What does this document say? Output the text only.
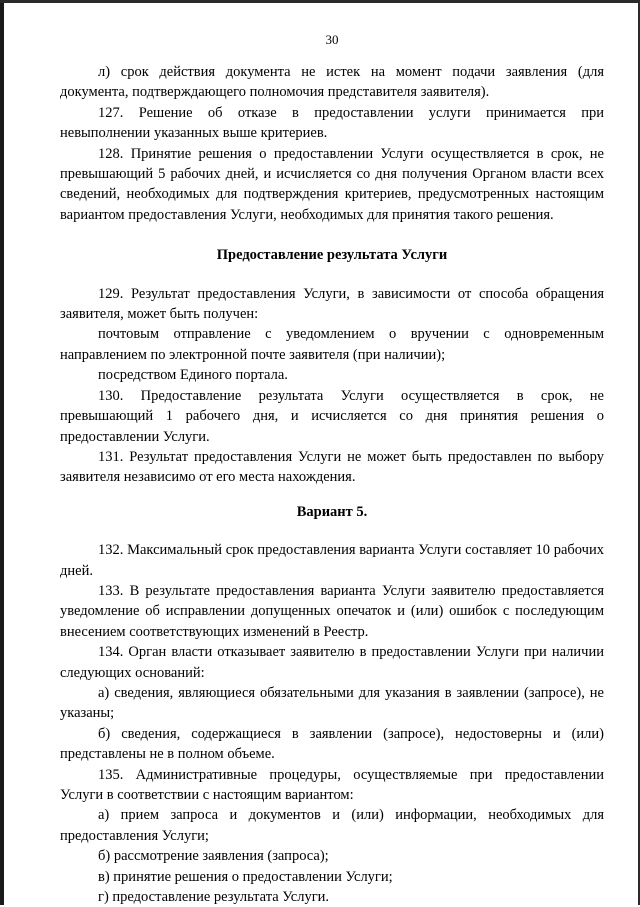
30

л) срок действия документа не истек на момент подачи заявления (для документа, подтверждающего полномочия представителя заявителя).

127. Решение об отказе в предоставлении услуги принимается при невыполнении указанных выше критериев.

128. Принятие решения о предоставлении Услуги осуществляется в срок, не превышающий 5 рабочих дней, и исчисляется со дня получения Органом власти всех сведений, необходимых для подтверждения критериев, предусмотренных настоящим вариантом предоставления Услуги, необходимых для принятия такого решения.

Предоставление результата Услуги

129. Результат предоставления Услуги, в зависимости от способа обращения заявителя, может быть получен:

почтовым отправление с уведомлением о вручении с одновременным направлением по электронной почте заявителя (при наличии);

посредством Единого портала.

130. Предоставление результата Услуги осуществляется в срок, не превышающий 1 рабочего дня, и исчисляется со дня принятия решения о предоставлении Услуги.

131. Результат предоставления Услуги не может быть предоставлен по выбору заявителя независимо от его места нахождения.

Вариант 5.

132. Максимальный срок предоставления варианта Услуги составляет 10 рабочих дней.

133. В результате предоставления варианта Услуги заявителю предоставляется уведомление об исправлении допущенных опечаток и (или) ошибок с последующим внесением соответствующих изменений в Реестр.

134. Орган власти отказывает заявителю в предоставлении Услуги при наличии следующих оснований:

а) сведения, являющиеся обязательными для указания в заявлении (запросе), не указаны;

б) сведения, содержащиеся в заявлении (запросе), недостоверны и (или) представлены не в полном объеме.

135. Административные процедуры, осуществляемые при предоставлении Услуги в соответствии с настоящим вариантом:

а) прием запроса и документов и (или) информации, необходимых для предоставления Услуги;

б) рассмотрение заявления (запроса);

в) принятие решения о предоставлении Услуги;

г) предоставление результата Услуги.
